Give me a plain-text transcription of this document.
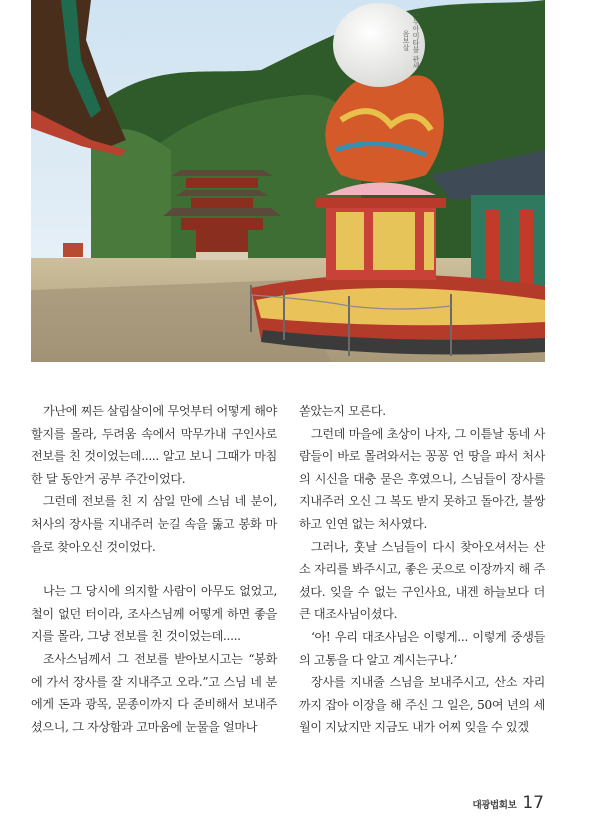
나무아미타불 관세음보살

가난에 찌든 살림살이에 무엇부터 어떻게 해야 할지를 몰라, 두려움 속에서 막무가내 구인사로 전보를 친 것이었는데..... 알고 보니 그때가 마침 한 달 동안거 공부 주간이었다.

그런데 전보를 친 지 삼일 만에 스님 네 분이, 처사의 장사를 지내주러 눈길 속을 뚫고 봉화 마을로 찾아오신 것이었다.

나는 그 당시에 의지할 사람이 아무도 없었고, 철이 없던 터이라, 조사스님께 어떻게 하면 좋을지를 몰라, 그냥 전보를 친 것이었는데.....

조사스님께서 그 전보를 받아보시고는 “봉화에 가서 장사를 잘 지내주고 오라.”고 스님 네 분에게 돈과 광목, 문종이까지 다 준비해서 보내주셨으니, 그 자상함과 고마움에 눈물을 얼마나

쏟았는지 모른다.

그런데 마을에 초상이 나자, 그 이튿날 동네 사람들이 바로 몰려와서는 꽁꽁 언 땅을 파서 처사의 시신을 대충 묻은 후였으니, 스님들이 장사를 지내주러 오신 그 복도 받지 못하고 돌아간, 불쌍하고 인연 없는 처사였다.

그러나, 훗날 스님들이 다시 찾아오셔서는 산소 자리를 봐주시고, 좋은 곳으로 이장까지 해 주셨다. 잊을 수 없는 구인사요, 내겐 하늘보다 더 큰 대조사님이셨다.

‘아! 우리 대조사님은 이렇게... 이렇게 중생들의 고통을 다 알고 계시는구나.’

장사를 지내줄 스님을 보내주시고, 산소 자리까지 잡아 이장을 해 주신 그 일은, 50여 년의 세월이 지났지만 지금도 내가 어찌 잊을 수 있겠

대광법회보 17
